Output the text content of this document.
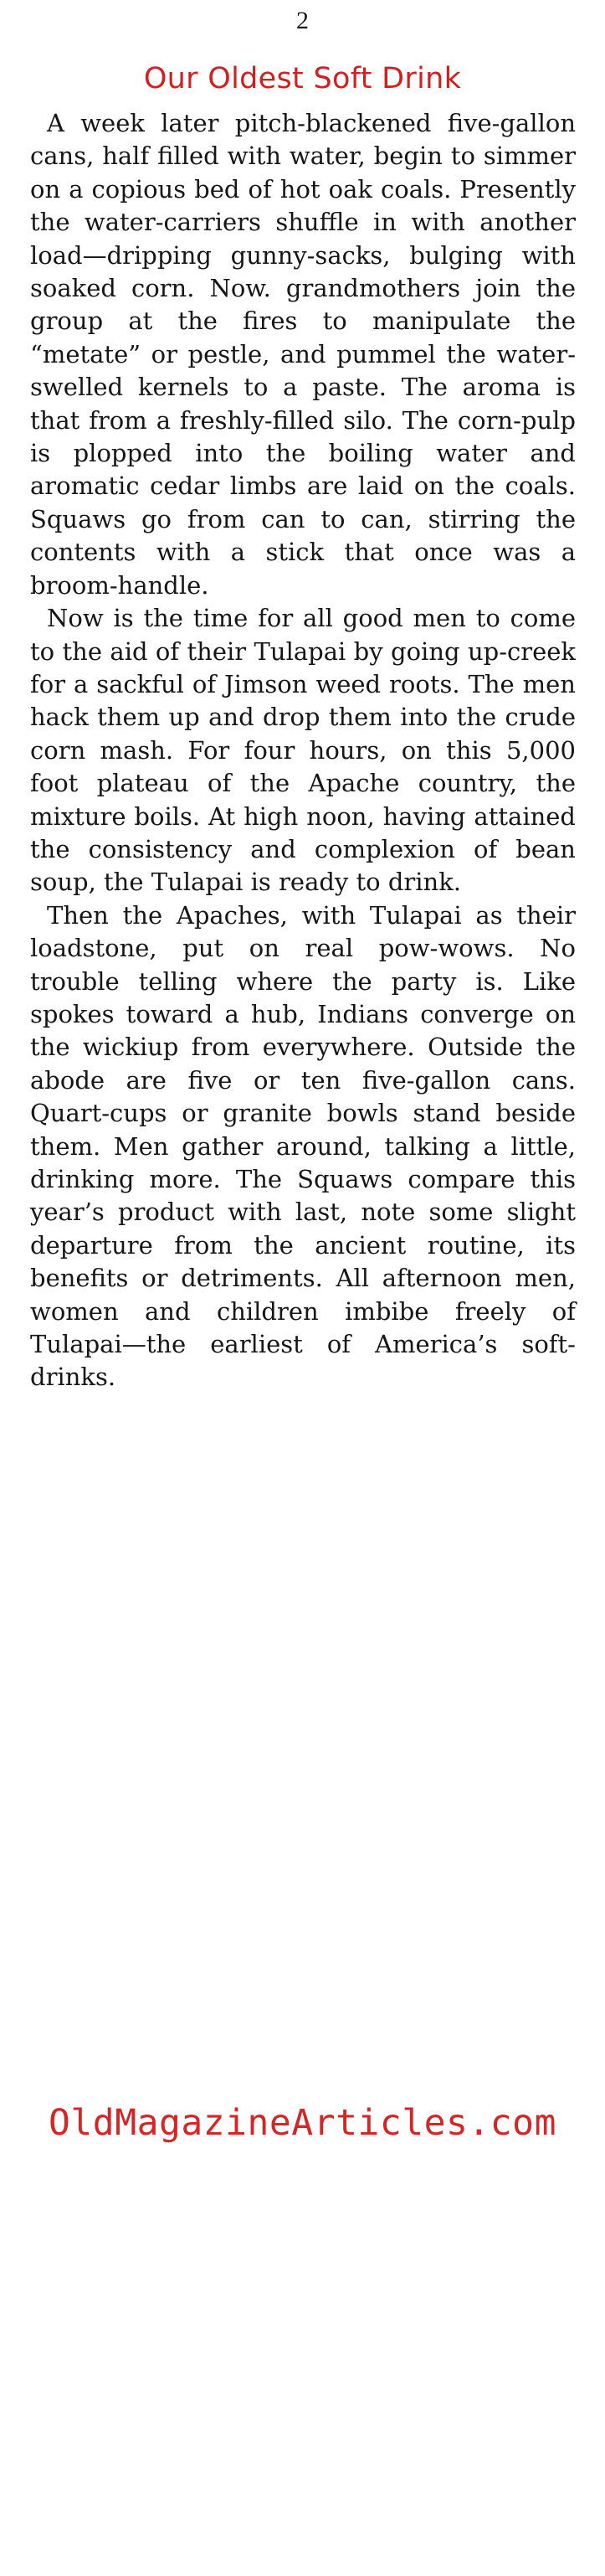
2
Our Oldest Soft Drink

A week later pitch-blackened five-gallon cans, half filled with water, begin to simmer on a copious bed of hot oak coals. Presently the water-carriers shuffle in with another load—dripping gunny-sacks, bulging with soaked corn. Now. grandmothers join the group at the fires to manipulate the “metate” or pestle, and pummel the water-swelled kernels to a paste. The aroma is that from a freshly-filled silo. The corn-pulp is plopped into the boiling water and aromatic cedar limbs are laid on the coals. Squaws go from can to can, stirring the contents with a stick that once was a broom-handle.

Now is the time for all good men to come to the aid of their Tulapai by going up-creek for a sackful of Jimson weed roots. The men hack them up and drop them into the crude corn mash. For four hours, on this 5,000 foot plateau of the Apache country, the mixture boils. At high noon, having attained the consistency and complexion of bean soup, the Tulapai is ready to drink.

Then the Apaches, with Tulapai as their loadstone, put on real pow-wows. No trouble telling where the party is. Like spokes toward a hub, Indians converge on the wickiup from everywhere. Outside the abode are five or ten five-gallon cans. Quart-cups or granite bowls stand beside them. Men gather around, talking a little, drinking more. The Squaws compare this year’s product with last, note some slight departure from the ancient routine, its benefits or detriments. All afternoon men, women and children imbibe freely of Tulapai—the earliest of America’s soft-drinks.

OldMagazineArticles.com
